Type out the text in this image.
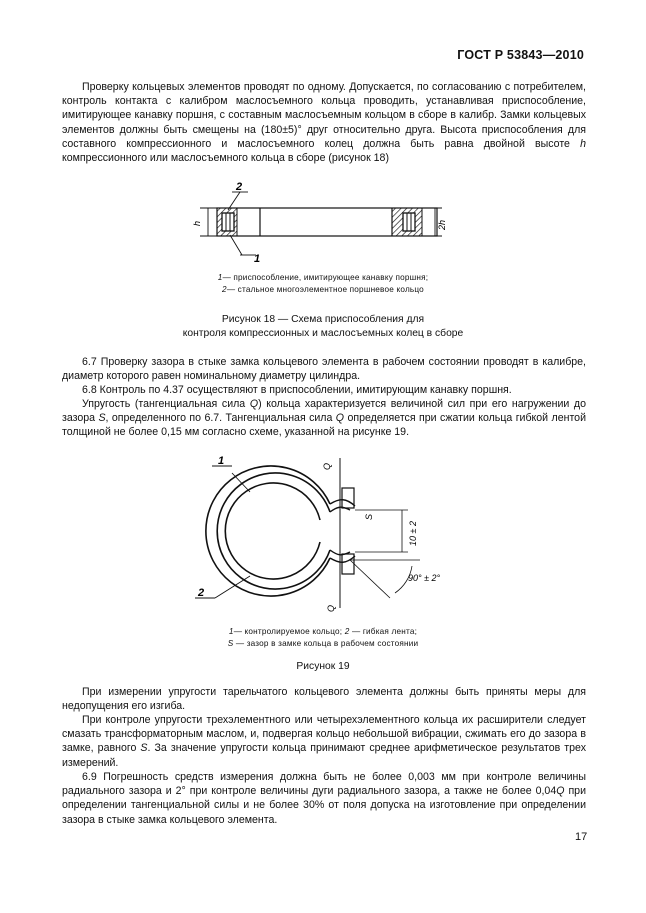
ГОСТ Р 53843—2010

Проверку кольцевых элементов проводят по одному. Допускается, по согласованию с потребителем, контроль контакта с калибром маслосъемного кольца проводить, устанавливая приспособление, имитирующее канавку поршня, с составным маслосъемным кольцом в сборе в калибр. Замки кольцевых элементов должны быть смещены на (180±5)° друг относительно друга. Высота приспособления для составного компрессионного и маслосъемного колец должна быть равна двойной высоте h компрессионного или маслосъемного кольца в сборе (рисунок 18)

2
1
h	2h
1— приспособление, имитирующее канавку поршня;
2— стальное многоэлементное поршневое кольцо
Рисунок 18 — Схема приспособления для
контроля компрессионных и маслосъемных колец в сборе

6.7 Проверку зазора в стыке замка кольцевого элемента в рабочем состоянии проводят в калибре, диаметр которого равен номинальному диаметру цилиндра.

6.8 Контроль по 4.37 осуществляют в приспособлении, имитирующим канавку поршня.

Упругость (тангенциальная сила Q) кольца характеризуется величиной сил при его нагружении до зазора S, определенного по 6.7. Тангенциальная сила Q определяется при сжатии кольца гибкой лентой толщиной не более 0,15 мм согласно схеме, указанной на рисунке 19.

1
2
Q
Q
S
10 ± 2
90° ± 2°
1— контролируемое кольцо; 2 — гибкая лента;
S — зазор в замке кольца в рабочем состоянии
Рисунок 19

При измерении упругости тарельчатого кольцевого элемента должны быть приняты меры для недопущения его изгиба.

При контроле упругости трехэлементного или четырехэлементного кольца их расширители следует смазать трансформаторным маслом, и, подвергая кольцо небольшой вибрации, сжимать его до зазора в замке, равного S. За значение упругости кольца принимают среднее арифметическое результатов трех измерений.

6.9 Погрешность средств измерения должна быть не более 0,003 мм при контроле величины радиального зазора и 2° при контроле величины дуги радиального зазора, а также не более 0,04Q при определении тангенциальной силы и не более 30% от поля допуска на изготовление при определении зазора в стыке замка кольцевого элемента.

17
